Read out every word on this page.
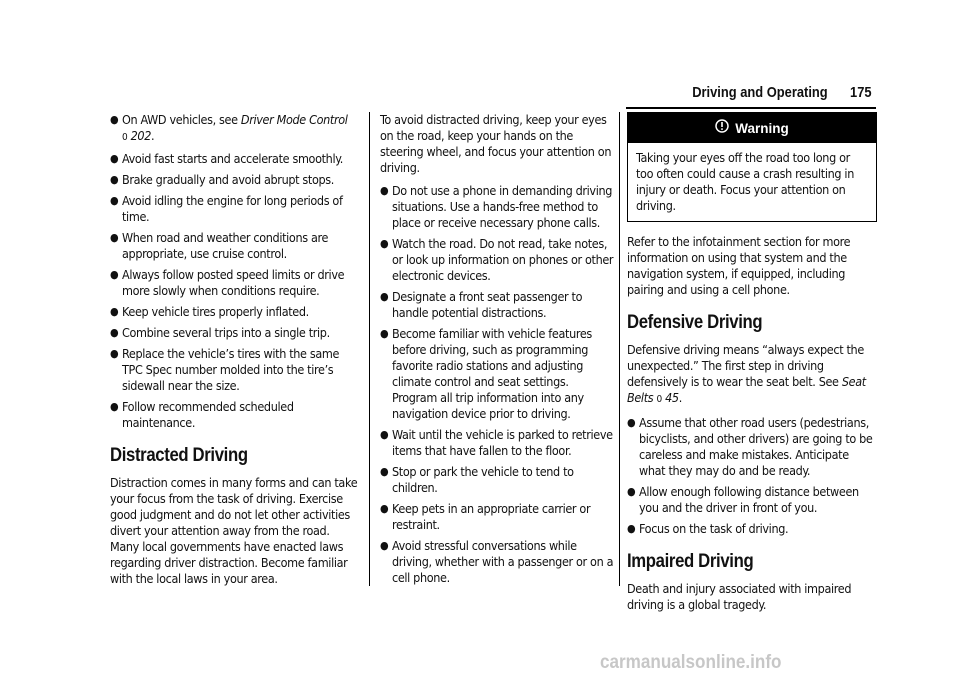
Driving and Operating 175
● On AWD vehicles, see Driver Mode Control
0 202.
● Avoid fast starts and accelerate smoothly.
● Brake gradually and avoid abrupt stops.
● Avoid idling the engine for long periods of time.
● When road and weather conditions are appropriate, use cruise control.
● Always follow posted speed limits or drive more slowly when conditions require.
● Keep vehicle tires properly inflated.
● Combine several trips into a single trip.
● Replace the vehicle’s tires with the same TPC Spec number molded into the tire’s sidewall near the size.
● Follow recommended scheduled maintenance.
Distracted Driving

Distraction comes in many forms and can take your focus from the task of driving. Exercise good judgment and do not let other activities divert your attention away from the road. Many local governments have enacted laws regarding driver distraction. Become familiar with the local laws in your area.

To avoid distracted driving, keep your eyes on the road, keep your hands on the steering wheel, and focus your attention on driving.

● Do not use a phone in demanding driving situations. Use a hands-free method to place or receive necessary phone calls.
● Watch the road. Do not read, take notes, or look up information on phones or other electronic devices.
● Designate a front seat passenger to handle potential distractions.
● Become familiar with vehicle features before driving, such as programming favorite radio stations and adjusting climate control and seat settings. Program all trip information into any navigation device prior to driving.
● Wait until the vehicle is parked to retrieve items that have fallen to the floor.
● Stop or park the vehicle to tend to children.
● Keep pets in an appropriate carrier or restraint.
● Avoid stressful conversations while driving, whether with a passenger or on a cell phone.
Warning
Taking your eyes off the road too long or too often could cause a crash resulting in injury or death. Focus your attention on driving.

Refer to the infotainment section for more information on using that system and the navigation system, if equipped, including pairing and using a cell phone.

Defensive Driving

Defensive driving means “always expect the unexpected.” The first step in driving defensively is to wear the seat belt. See Seat Belts 0 45.

● Assume that other road users (pedestrians, bicyclists, and other drivers) are going to be careless and make mistakes. Anticipate what they may do and be ready.
● Allow enough following distance between you and the driver in front of you.
● Focus on the task of driving.
Impaired Driving

Death and injury associated with impaired driving is a global tragedy.

carmanualsonline.info
